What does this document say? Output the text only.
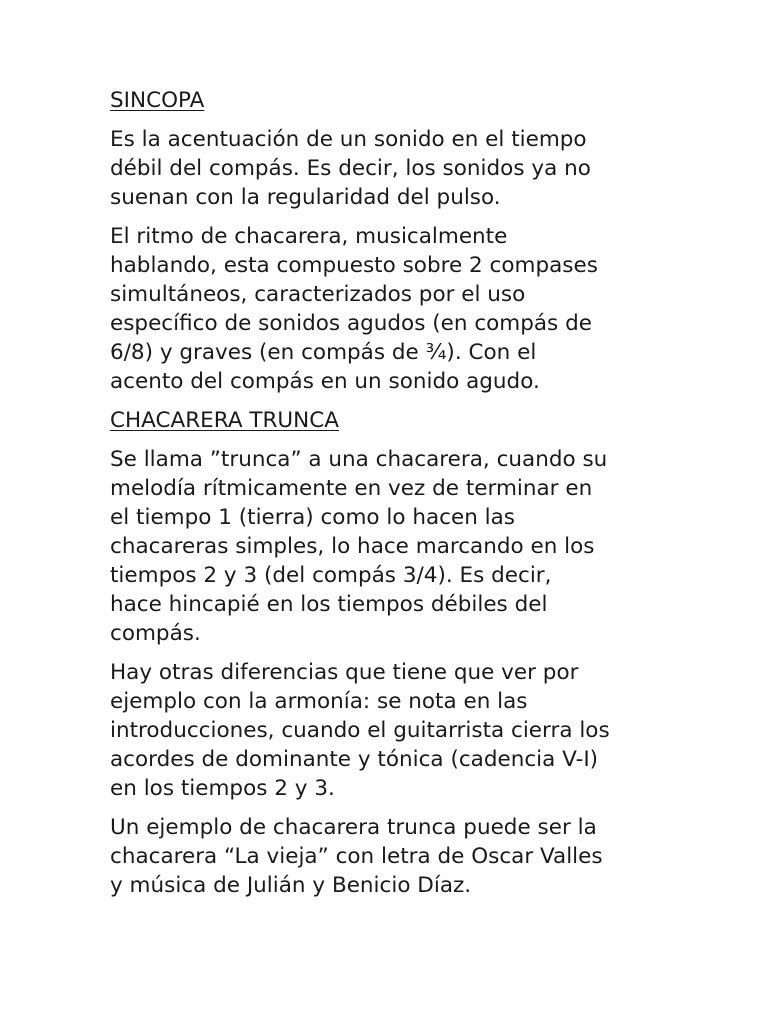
SINCOPA

Es la acentuación de un sonido en el tiempo
débil del compás. Es decir, los sonidos ya no
suenan con la regularidad del pulso.

El ritmo de chacarera, musicalmente
hablando, esta compuesto sobre 2 compases
simultáneos, caracterizados por el uso
específico de sonidos agudos (en compás de
6/8) y graves (en compás de ¾). Con el
acento del compás en un sonido agudo.

CHACARERA TRUNCA

Se llama ”trunca” a una chacarera, cuando su
melodía rítmicamente en vez de terminar en
el tiempo 1 (tierra) como lo hacen las
chacareras simples, lo hace marcando en los
tiempos 2 y 3 (del compás 3/4). Es decir,
hace hincapié en los tiempos débiles del
compás.

Hay otras diferencias que tiene que ver por
ejemplo con la armonía: se nota en las
introducciones, cuando el guitarrista cierra los
acordes de dominante y tónica (cadencia V-I)
en los tiempos 2 y 3.

Un ejemplo de chacarera trunca puede ser la
chacarera “La vieja” con letra de Oscar Valles
y música de Julián y Benicio Díaz.
